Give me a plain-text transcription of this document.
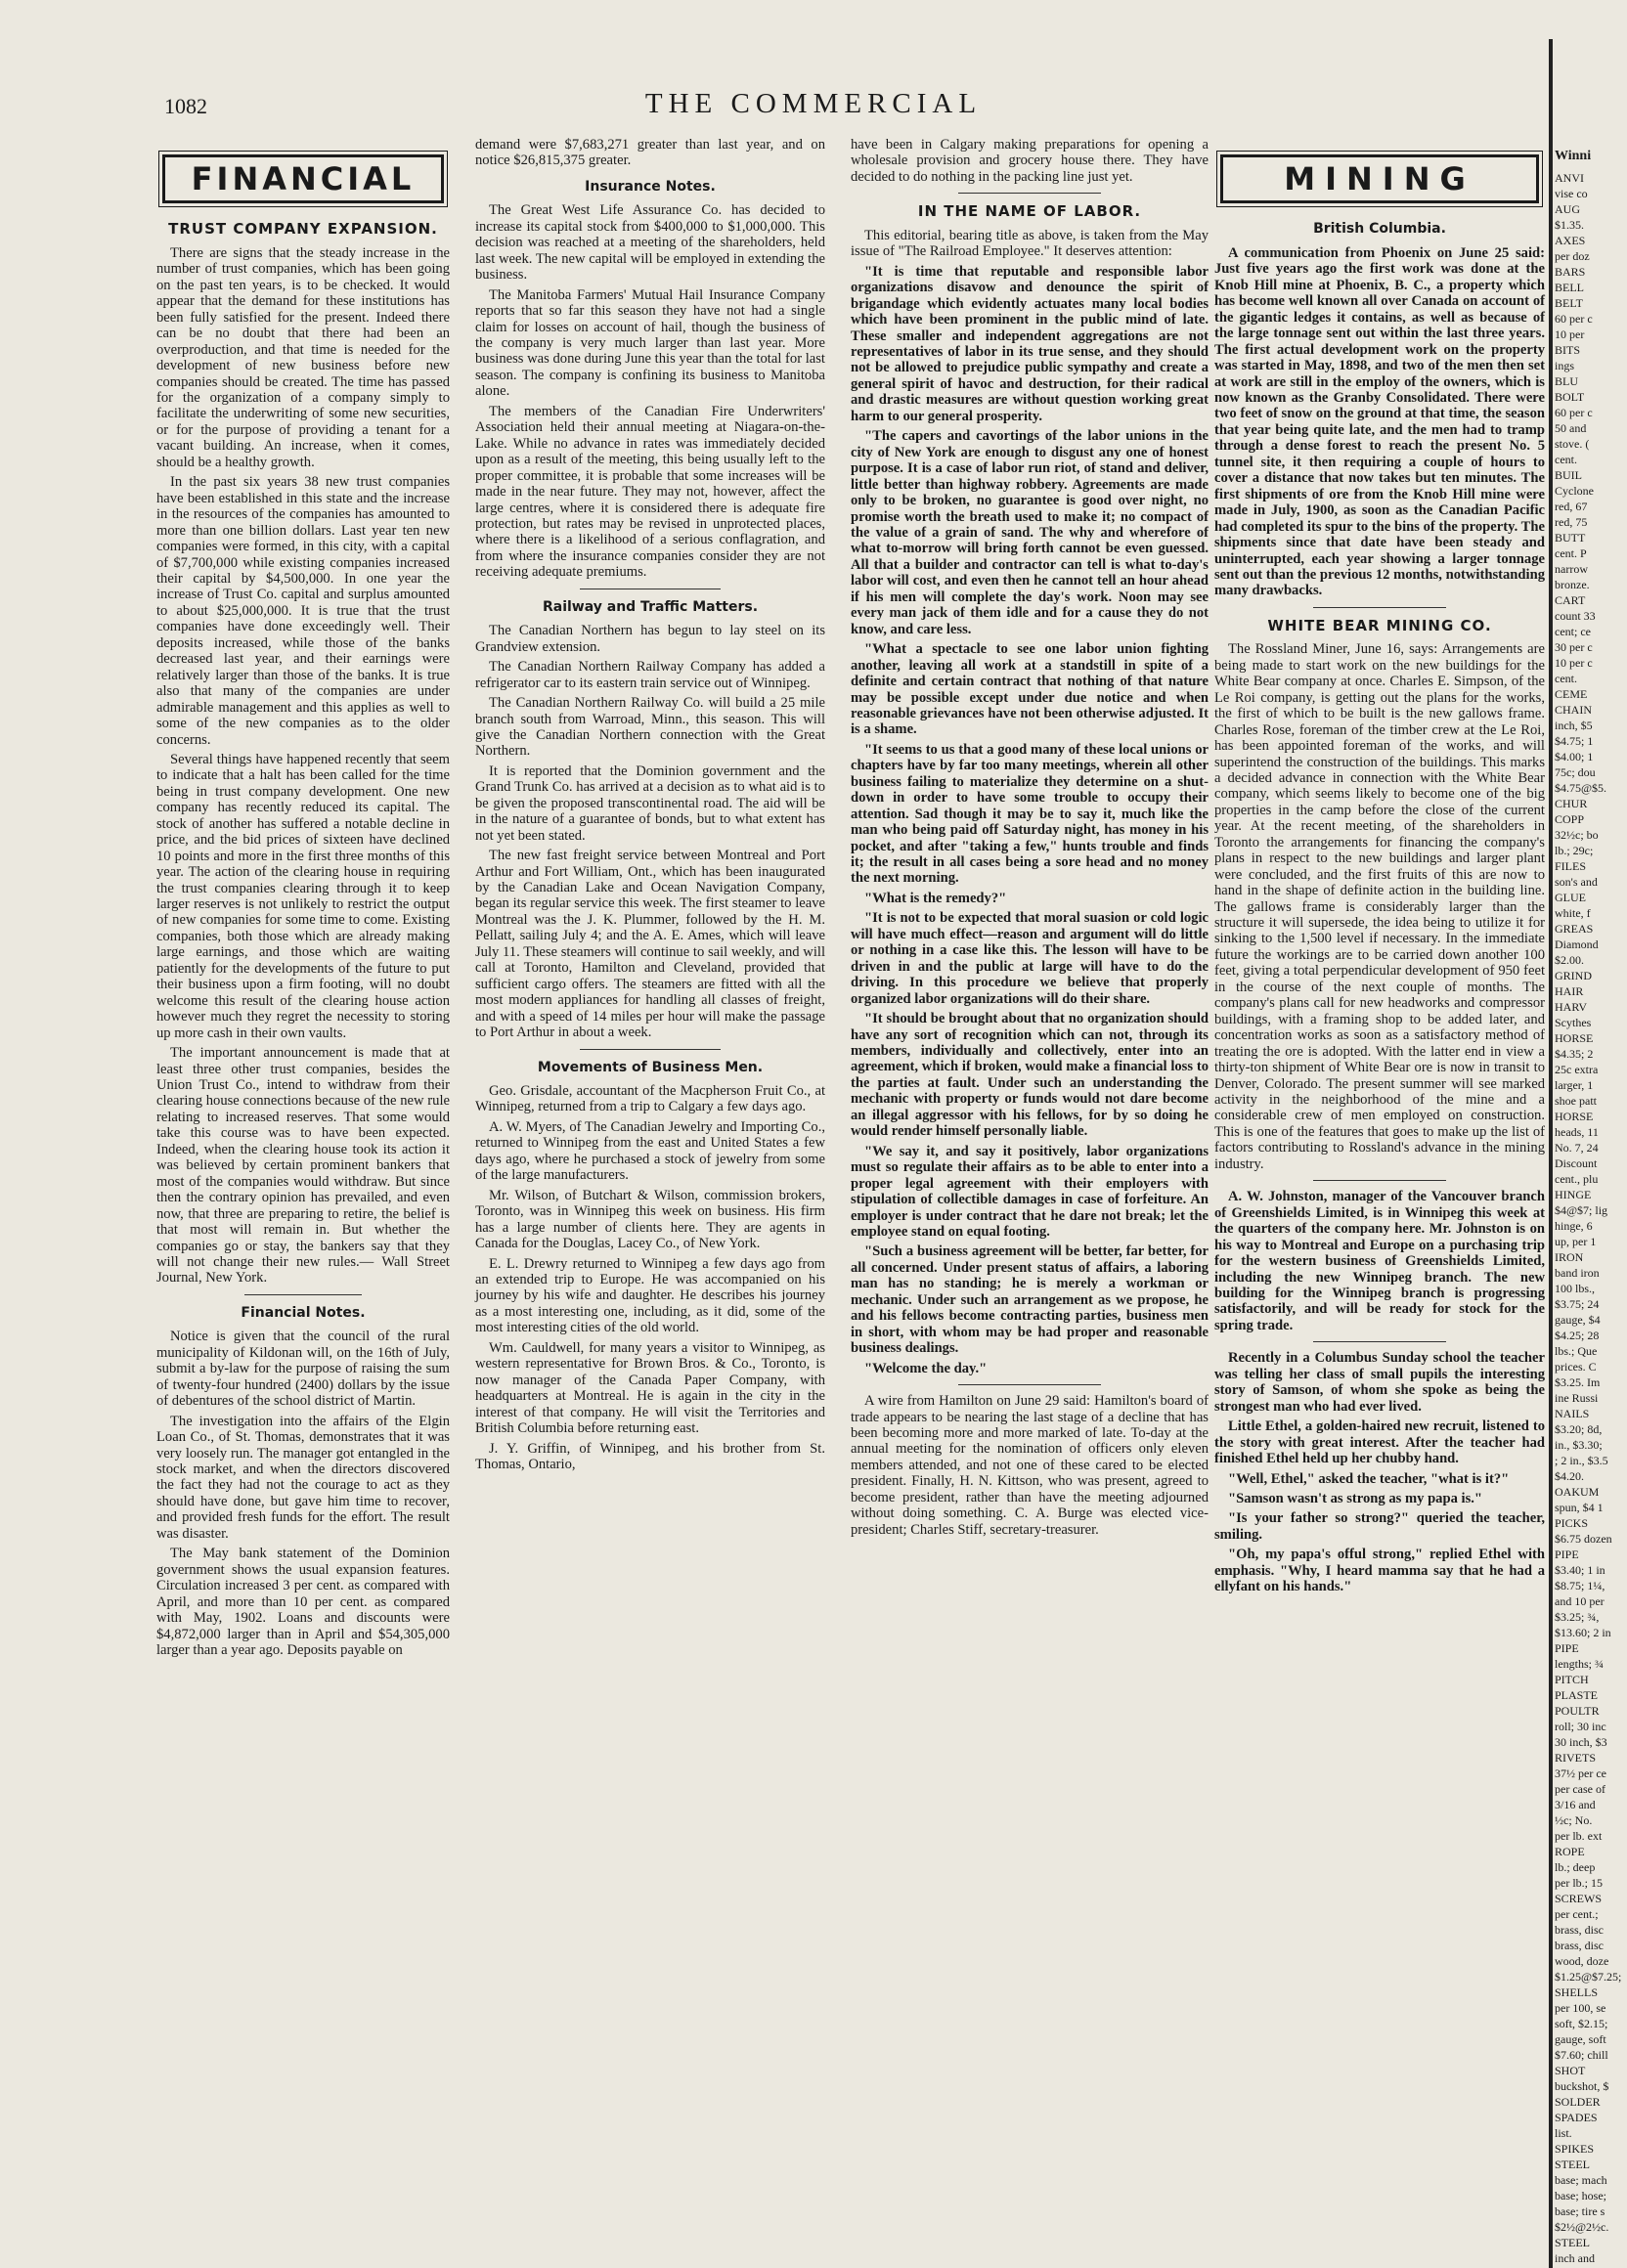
1082	THE COMMERCIAL
FINANCIAL
TRUST COMPANY EXPANSION.

There are signs that the steady increase in the number of trust companies, which has been going on the past ten years, is to be checked. It would appear that the demand for these institutions has been fully satisfied for the present. Indeed there can be no doubt that there had been an overproduction, and that time is needed for the development of new business before new companies should be created. The time has passed for the organization of a company simply to facilitate the underwriting of some new securities, or for the purpose of providing a tenant for a vacant building. An increase, when it comes, should be a healthy growth.

In the past six years 38 new trust companies have been established in this state and the increase in the resources of the companies has amounted to more than one billion dollars. Last year ten new companies were formed, in this city, with a capital of $7,700,000 while existing companies increased their capital by $4,500,000. In one year the increase of Trust Co. capital and surplus amounted to about $25,000,000. It is true that the trust companies have done exceedingly well. Their deposits increased, while those of the banks decreased last year, and their earnings were relatively larger than those of the banks. It is true also that many of the companies are under admirable management and this applies as well to some of the new companies as to the older concerns.

Several things have happened recently that seem to indicate that a halt has been called for the time being in trust company development. One new company has recently reduced its capital. The stock of another has suffered a notable decline in price, and the bid prices of sixteen have declined 10 points and more in the first three months of this year. The action of the clearing house in requiring the trust companies clearing through it to keep larger reserves is not unlikely to restrict the output of new companies for some time to come. Existing companies, both those which are already making large earnings, and those which are waiting patiently for the developments of the future to put their business upon a firm footing, will no doubt welcome this result of the clearing house action however much they regret the necessity to storing up more cash in their own vaults.

The important announcement is made that at least three other trust companies, besides the Union Trust Co., intend to withdraw from their clearing house connections because of the new rule relating to increased reserves. That some would take this course was to have been expected. Indeed, when the clearing house took its action it was believed by certain prominent bankers that most of the companies would withdraw. But since then the contrary opinion has prevailed, and even now, that three are preparing to retire, the belief is that most will remain in. But whether the companies go or stay, the bankers say that they will not change their new rules.— Wall Street Journal, New York.

Financial Notes.

Notice is given that the council of the rural municipality of Kildonan will, on the 16th of July, submit a by-law for the purpose of raising the sum of twenty-four hundred (2400) dollars by the issue of debentures of the school district of Martin.

The investigation into the affairs of the Elgin Loan Co., of St. Thomas, demonstrates that it was very loosely run. The manager got entangled in the stock market, and when the directors discovered the fact they had not the courage to act as they should have done, but gave him time to recover, and provided fresh funds for the effort. The result was disaster.

The May bank statement of the Dominion government shows the usual expansion features. Circulation increased 3 per cent. as compared with April, and more than 10 per cent. as compared with May, 1902. Loans and discounts were $4,872,000 larger than in April and $54,305,000 larger than a year ago. Deposits payable on

demand were $7,683,271 greater than last year, and on notice $26,815,375 greater.

Insurance Notes.

The Great West Life Assurance Co. has decided to increase its capital stock from $400,000 to $1,000,000. This decision was reached at a meeting of the shareholders, held last week. The new capital will be employed in extending the business.

The Manitoba Farmers' Mutual Hail Insurance Company reports that so far this season they have not had a single claim for losses on account of hail, though the business of the company is very much larger than last year. More business was done during June this year than the total for last season. The company is confining its business to Manitoba alone.

The members of the Canadian Fire Underwriters' Association held their annual meeting at Niagara-on-the-Lake. While no advance in rates was immediately decided upon as a result of the meeting, this being usually left to the proper committee, it is probable that some increases will be made in the near future. They may not, however, affect the large centres, where it is considered there is adequate fire protection, but rates may be revised in unprotected places, where there is a likelihood of a serious conflagration, and from where the insurance companies consider they are not receiving adequate premiums.

Railway and Traffic Matters.

The Canadian Northern has begun to lay steel on its Grandview extension.

The Canadian Northern Railway Company has added a refrigerator car to its eastern train service out of Winnipeg.

The Canadian Northern Railway Co. will build a 25 mile branch south from Warroad, Minn., this season. This will give the Canadian Northern connection with the Great Northern.

It is reported that the Dominion government and the Grand Trunk Co. has arrived at a decision as to what aid is to be given the proposed transcontinental road. The aid will be in the nature of a guarantee of bonds, but to what extent has not yet been stated.

The new fast freight service between Montreal and Port Arthur and Fort William, Ont., which has been inaugurated by the Canadian Lake and Ocean Navigation Company, began its regular service this week. The first steamer to leave Montreal was the J. K. Plummer, followed by the H. M. Pellatt, sailing July 4; and the A. E. Ames, which will leave July 11. These steamers will continue to sail weekly, and will call at Toronto, Hamilton and Cleveland, provided that sufficient cargo offers. The steamers are fitted with all the most modern appliances for handling all classes of freight, and with a speed of 14 miles per hour will make the passage to Port Arthur in about a week.

Movements of Business Men.

Geo. Grisdale, accountant of the Macpherson Fruit Co., at Winnipeg, returned from a trip to Calgary a few days ago.

A. W. Myers, of The Canadian Jewelry and Importing Co., returned to Winnipeg from the east and United States a few days ago, where he purchased a stock of jewelry from some of the large manufacturers.

Mr. Wilson, of Butchart & Wilson, commission brokers, Toronto, was in Winnipeg this week on business. His firm has a large number of clients here. They are agents in Canada for the Douglas, Lacey Co., of New York.

E. L. Drewry returned to Winnipeg a few days ago from an extended trip to Europe. He was accompanied on his journey by his wife and daughter. He describes his journey as a most interesting one, including, as it did, some of the most interesting cities of the old world.

Wm. Cauldwell, for many years a visitor to Winnipeg, as western representative for Brown Bros. & Co., Toronto, is now manager of the Canada Paper Company, with headquarters at Montreal. He is again in the city in the interest of that company. He will visit the Territories and British Columbia before returning east.

J. Y. Griffin, of Winnipeg, and his brother from St. Thomas, Ontario,

have been in Calgary making preparations for opening a wholesale provision and grocery house there. They have decided to do nothing in the packing line just yet.

IN THE NAME OF LABOR.

This editorial, bearing title as above, is taken from the May issue of "The Railroad Employee." It deserves attention:

"It is time that reputable and responsible labor organizations disavow and denounce the spirit of brigandage which evidently actuates many local bodies which have been prominent in the public mind of late. These smaller and independent aggregations are not representatives of labor in its true sense, and they should not be allowed to prejudice public sympathy and create a general spirit of havoc and destruction, for their radical and drastic measures are without question working great harm to our general prosperity.

"The capers and cavortings of the labor unions in the city of New York are enough to disgust any one of honest purpose. It is a case of labor run riot, of stand and deliver, little better than highway robbery. Agreements are made only to be broken, no guarantee is good over night, no promise worth the breath used to make it; no compact of the value of a grain of sand. The why and wherefore of what to-morrow will bring forth cannot be even guessed. All that a builder and contractor can tell is what to-day's labor will cost, and even then he cannot tell an hour ahead if his men will complete the day's work. Noon may see every man jack of them idle and for a cause they do not know, and care less.

"What a spectacle to see one labor union fighting another, leaving all work at a standstill in spite of a definite and certain contract that nothing of that nature may be possible except under due notice and when reasonable grievances have not been otherwise adjusted. It is a shame.

"It seems to us that a good many of these local unions or chapters have by far too many meetings, wherein all other business failing to materialize they determine on a shut-down in order to have some trouble to occupy their attention. Sad though it may be to say it, much like the man who being paid off Saturday night, has money in his pocket, and after "taking a few," hunts trouble and finds it; the result in all cases being a sore head and no money the next morning.

"What is the remedy?"

"It is not to be expected that moral suasion or cold logic will have much effect—reason and argument will do little or nothing in a case like this. The lesson will have to be driven in and the public at large will have to do the driving. In this procedure we believe that properly organized labor organizations will do their share.

"It should be brought about that no organization should have any sort of recognition which can not, through its members, individually and collectively, enter into an agreement, which if broken, would make a financial loss to the parties at fault. Under such an understanding the mechanic with property or funds would not dare become an illegal aggressor with his fellows, for by so doing he would render himself personally liable.

"We say it, and say it positively, labor organizations must so regulate their affairs as to be able to enter into a proper legal agreement with their employers with stipulation of collectible damages in case of forfeiture. An employer is under contract that he dare not break; let the employee stand on equal footing.

"Such a business agreement will be better, far better, for all concerned. Under present status of affairs, a laboring man has no standing; he is merely a workman or mechanic. Under such an arrangement as we propose, he and his fellows become contracting parties, business men in short, with whom may be had proper and reasonable business dealings.

"Welcome the day."

A wire from Hamilton on June 29 said: Hamilton's board of trade appears to be nearing the last stage of a decline that has been becoming more and more marked of late. To-day at the annual meeting for the nomination of officers only eleven members attended, and not one of these cared to be elected president. Finally, H. N. Kittson, who was present, agreed to become president, rather than have the meeting adjourned without doing something. C. A. Burge was elected vice-president; Charles Stiff, secretary-treasurer.

MINING
British Columbia.

A communication from Phoenix on June 25 said: Just five years ago the first work was done at the Knob Hill mine at Phoenix, B. C., a property which has become well known all over Canada on account of the gigantic ledges it contains, as well as because of the large tonnage sent out within the last three years. The first actual development work on the property was started in May, 1898, and two of the men then set at work are still in the employ of the owners, which is now known as the Granby Consolidated. There were two feet of snow on the ground at that time, the season that year being quite late, and the men had to tramp through a dense forest to reach the present No. 5 tunnel site, it then requiring a couple of hours to cover a distance that now takes but ten minutes. The first shipments of ore from the Knob Hill mine were made in July, 1900, as soon as the Canadian Pacific had completed its spur to the bins of the property. The shipments since that date have been steady and uninterrupted, each year showing a larger tonnage sent out than the previous 12 months, notwithstanding many drawbacks.

WHITE BEAR MINING CO.

The Rossland Miner, June 16, says: Arrangements are being made to start work on the new buildings for the White Bear company at once. Charles E. Simpson, of the Le Roi company, is getting out the plans for the works, the first of which to be built is the new gallows frame. Charles Rose, foreman of the timber crew at the Le Roi, has been appointed foreman of the works, and will superintend the construction of the buildings. This marks a decided advance in connection with the White Bear company, which seems likely to become one of the big properties in the camp before the close of the current year. At the recent meeting, of the shareholders in Toronto the arrangements for financing the company's plans in respect to the new buildings and larger plant were concluded, and the first fruits of this are now to hand in the shape of definite action in the building line. The gallows frame is considerably larger than the structure it will supersede, the idea being to utilize it for sinking to the 1,500 level if necessary. In the immediate future the workings are to be carried down another 100 feet, giving a total perpendicular development of 950 feet in the course of the next couple of months. The company's plans call for new headworks and compressor buildings, with a framing shop to be added later, and concentration works as soon as a satisfactory method of treating the ore is adopted. With the latter end in view a thirty-ton shipment of White Bear ore is now in transit to Denver, Colorado. The present summer will see marked activity in the neighborhood of the mine and a considerable crew of men employed on construction. This is one of the features that goes to make up the list of factors contributing to Rossland's advance in the mining industry.

A. W. Johnston, manager of the Vancouver branch of Greenshields Limited, is in Winnipeg this week at the quarters of the company here. Mr. Johnston is on his way to Montreal and Europe on a purchasing trip for the western business of Greenshields Limited, including the new Winnipeg branch. The new building for the Winnipeg branch is progressing satisfactorily, and will be ready for stock for the spring trade.

Recently in a Columbus Sunday school the teacher was telling her class of small pupils the interesting story of Samson, of whom she spoke as being the strongest man who had ever lived.

Little Ethel, a golden-haired new recruit, listened to the story with great interest. After the teacher had finished Ethel held up her chubby hand.

"Well, Ethel," asked the teacher, "what is it?"

"Samson wasn't as strong as my papa is."

"Is your father so strong?" queried the teacher, smiling.

"Oh, my papa's offul strong," replied Ethel with emphasis. "Why, I heard mamma say that he had a ellyfant on his hands."

Winni

ANVI

vise co

AUG

$1.35.

AXES

per doz

BARS

BELL

BELT

60 per c

10 per

BITS

ings

BLU

BOLT

60 per c

50 and

stove. (

cent.

BUIL

Cyclone

red, 67

red, 75

BUTT

cent. P

narrow

bronze.

CART

count 33

cent; ce

30 per c

10 per c

cent.

CEME

CHAIN

inch, $5

$4.75; 1

$4.00; 1

75c; dou

$4.75@$5.

CHUR

COPP

32½c; bo

lb.; 29c;

FILES

son's and

GLUE

white, f

GREAS

Diamond

$2.00.

GRIND

HAIR

HARV

Scythes

HORSE

$4.35; 2

25c extra

larger, 1

shoe patt

HORSE

heads, 11

No. 7, 24

Discount

cent., plu

HINGE

$4@$7; lig

hinge, 6

up, per 1

IRON

band iron

100 lbs.,

$3.75; 24

gauge, $4

$4.25; 28

lbs.; Que

prices. C

$3.25. Im

ine Russi

NAILS

$3.20; 8d,

in., $3.30;

; 2 in., $3.5

$4.20.

OAKUM

spun, $4 1

PICKS

$6.75 dozen

PIPE

$3.40; 1 in

$8.75; 1¼,

and 10 per

$3.25; ¾,

$13.60; 2 in

PIPE

lengths; ¾

PITCH

PLASTE

POULTR

roll; 30 inc

30 inch, $3

RIVETS

37½ per ce

per case of

3/16 and

½c; No.

per lb. ext

ROPE

lb.; deep

per lb.; 15

SCREWS

per cent.;

brass, disc

brass, disc

wood, doze

$1.25@$7.25;

SHELLS

per 100, se

soft, $2.15;

gauge, soft

$7.60; chill

SHOT

buckshot, $

SOLDER

SPADES

list.

SPIKES

STEEL

base; mach

base; hose;

base; tire s

$2½@2½c.

STEEL

inch and
